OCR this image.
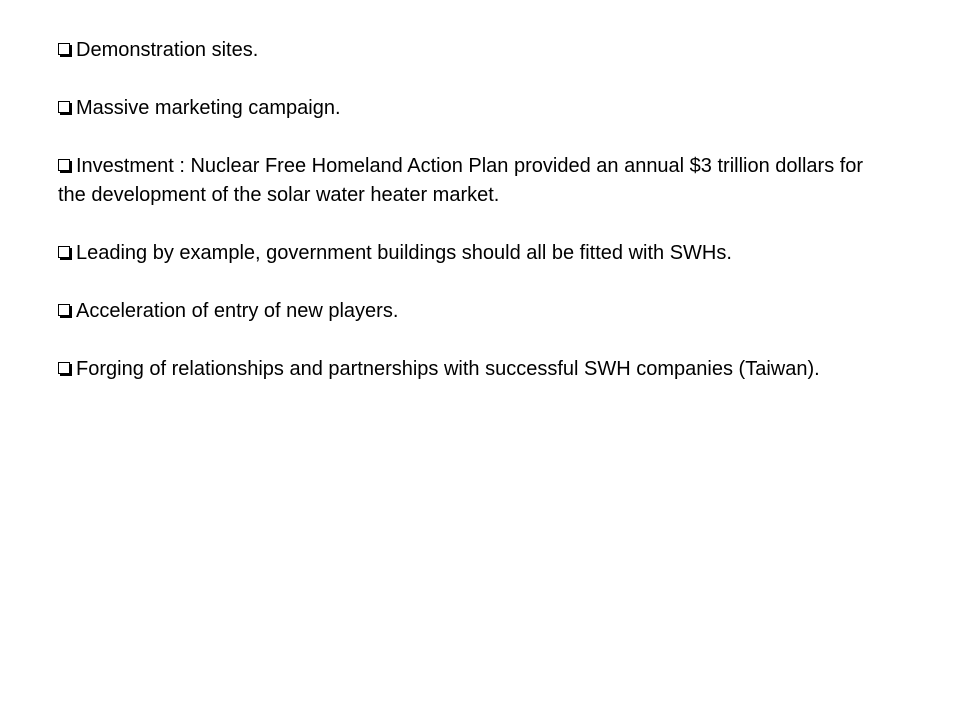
Demonstration sites.
Massive marketing campaign.
Investment : Nuclear Free Homeland Action Plan provided an annual $3 trillion dollars for the development of the solar water heater market.
Leading by example, government buildings should all be fitted with SWHs.
Acceleration of entry of new players.
Forging of relationships and partnerships with successful SWH companies (Taiwan).
